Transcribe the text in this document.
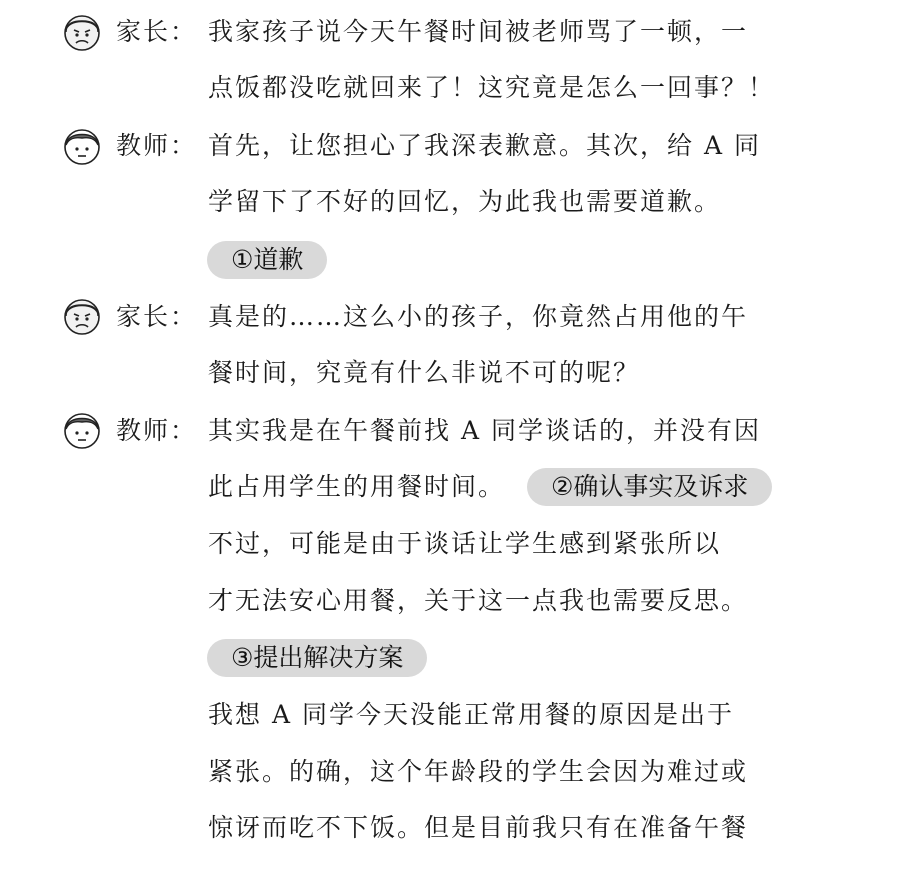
家长： 我家孩子说今天午餐时间被老师骂了一顿，一
点饭都没吃就回来了！这究竟是怎么一回事？！
教师： 首先，让您担心了我深表歉意。其次，给 A 同
学留下了不好的回忆，为此我也需要道歉。
①道歉
家长： 真是的……这么小的孩子，你竟然占用他的午
餐时间，究竟有什么非说不可的呢？
教师： 其实我是在午餐前找 A 同学谈话的，并没有因
此占用学生的用餐时间。	②确认事实及诉求
不过，可能是由于谈话让学生感到紧张所以
才无法安心用餐，关于这一点我也需要反思。
③提出解决方案
我想 A 同学今天没能正常用餐的原因是出于
紧张。的确，这个年龄段的学生会因为难过或
惊讶而吃不下饭。但是目前我只有在准备午餐
